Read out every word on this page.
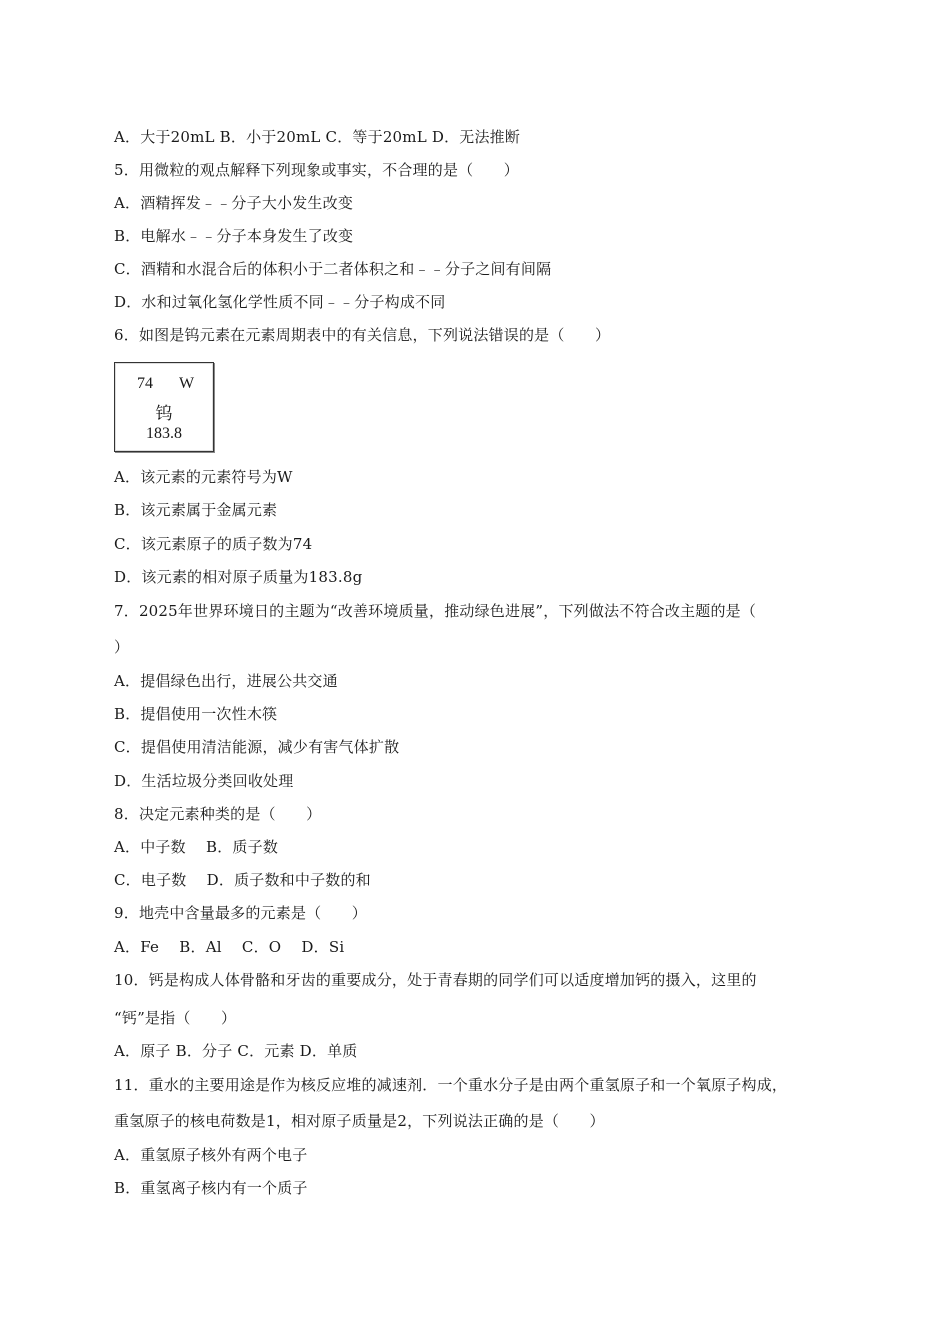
A．大于20mL B．小于20mL C．等于20mL D．无法推断
5．用微粒的观点解释下列现象或事实，不合理的是（　　）
A．酒精挥发﹣﹣分子大小发生改变
B．电解水﹣﹣分子本身发生了改变
C．酒精和水混合后的体积小于二者体积之和﹣﹣分子之间有间隔
D．水和过氧化氢化学性质不同﹣﹣分子构成不同
6．如图是钨元素在元素周期表中的有关信息，下列说法错误的是（　　）
74 W
钨
183.8
A．该元素的元素符号为W
B．该元素属于金属元素
C．该元素原子的质子数为74
D．该元素的相对原子质量为183.8g
7．2025年世界环境日的主题为“改善环境质量，推动绿色进展”，下列做法不符合改主题的是（
）
A．提倡绿色出行，进展公共交通
B．提倡使用一次性木筷
C．提倡使用清洁能源，减少有害气体扩散
D．生活垃圾分类回收处理
8．决定元素种类的是（　　）
A．中子数　 B．质子数
C．电子数　 D．质子数和中子数的和
9．地壳中含量最多的元素是（　　）
A．Fe　 B．Al　 C．O　 D．Si
10．钙是构成人体骨骼和牙齿的重要成分，处于青春期的同学们可以适度增加钙的摄入，这里的
“钙”是指（　　）
A．原子 B．分子 C．元素 D．单质
11．重水的主要用途是作为核反应堆的减速剂．一个重水分子是由两个重氢原子和一个氧原子构成，
重氢原子的核电荷数是1，相对原子质量是2，下列说法正确的是（　　）
A．重氢原子核外有两个电子
B．重氢离子核内有一个质子
